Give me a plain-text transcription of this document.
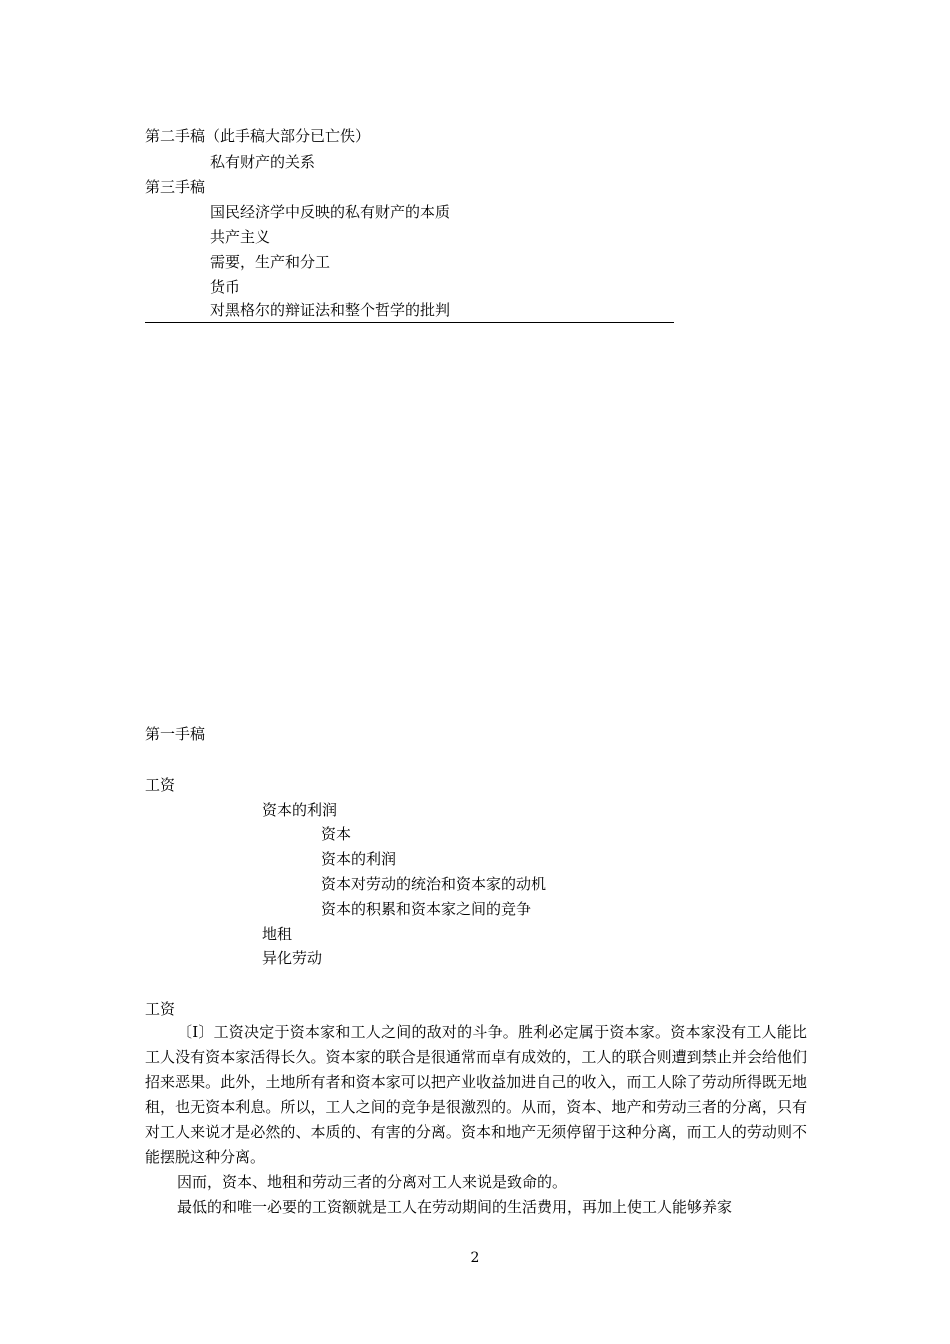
第二手稿（此手稿大部分已亡佚）
私有财产的关系
第三手稿
国民经济学中反映的私有财产的本质
共产主义
需要，生产和分工
货币
对黑格尔的辩证法和整个哲学的批判
第一手稿
工资
资本的利润
资本
资本的利润
资本对劳动的统治和资本家的动机
资本的积累和资本家之间的竞争
地租
异化劳动
工资

〔Ⅰ〕工资决定于资本家和工人之间的敌对的斗争。胜利必定属于资本家。资本家没有工人能比工人没有资本家活得长久。资本家的联合是很通常而卓有成效的，工人的联合则遭到禁止并会给他们招来恶果。此外，土地所有者和资本家可以把产业收益加进自己的收入，而工人除了劳动所得既无地租，也无资本利息。所以，工人之间的竞争是很激烈的。从而，资本、地产和劳动三者的分离，只有对工人来说才是必然的、本质的、有害的分离。资本和地产无须停留于这种分离，而工人的劳动则不能摆脱这种分离。

因而，资本、地租和劳动三者的分离对工人来说是致命的。

最低的和唯一必要的工资额就是工人在劳动期间的生活费用，再加上使工人能够养家

2
